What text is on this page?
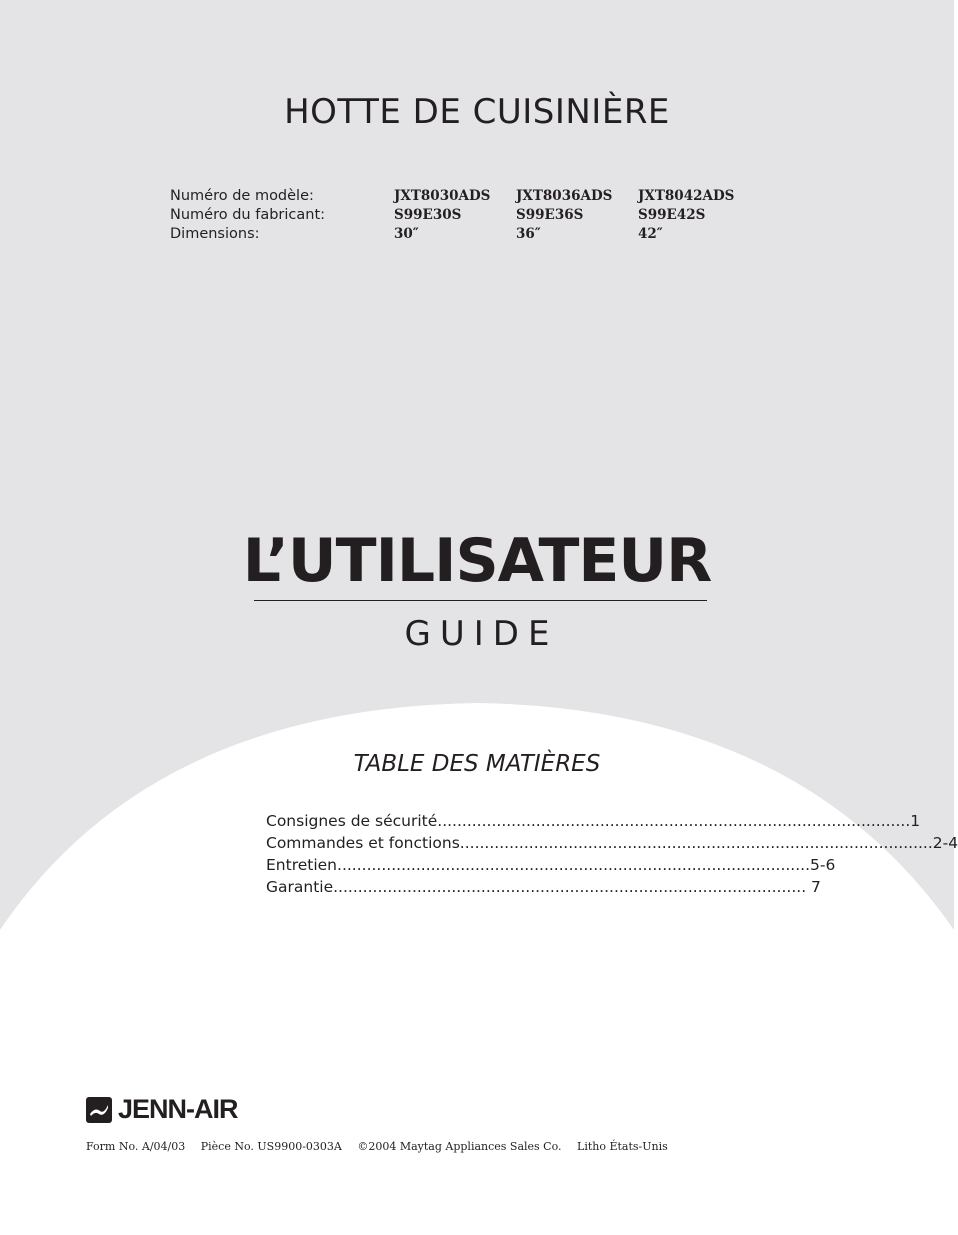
HOTTE DE CUISINIÈRE
Numéro de modèle:	JXT8030ADS	JXT8036ADS	JXT8042ADS
Numéro du fabricant:	S99E30S	S99E36S	S99E42S
Dimensions:	30″	36″	42″
L’UTILISATEUR
GUIDE
TABLE DES MATIÈRES
Consignes de sécurité ................................................................................................ 1
Commandes et fonctions ................................................................................................ 2-4
Entretien ................................................................................................ 5-6
Garantie ................................................................................................ 7
JENN-AIR
Form No. A/04/03 Pièce No. US9900-0303A ©2004 Maytag Appliances Sales Co. Litho États-Unis
